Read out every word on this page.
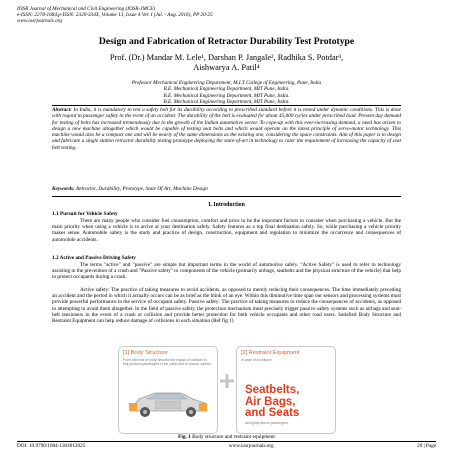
IOSR Journal of Mechanical and Civil Engineering (IOSR-JMCE)
e-ISSN: 2278-1684,p-ISSN: 2320-334X, Volume 13, Issue 4 Ver. I (Jul. - Aug. 2016), PP 20-25
www.iosrjournals.org
Design and Fabrication of Retractor Durability Test Prototype
Prof. (Dr.) Mandar M. Lele¹, Darshan P. Jangale², Radhika S. Potdar³,
Aishwarya A. Patil⁴
Professor Mechanical Engineering Department, M.I.T College of Engineering, Pune, India
B.E. Mechanical Engineering Department, MIT Pune, India.
B.E. Mechanical Engineering Department, MIT Pune, India.
B.E. Mechanical Engineering Department, MIT Pune, India.
Abstract: In India, it is mandatory to test a safety belt for its durability according to prescribed standard before it is tested under dynamic conditions. This is done with regard to passenger safety in the event of an accident. The durability of the belt is evaluated for about 45,000 cycles under prescribed load. Present day demand for testing of belts has increased tremendously due to the growth of the Indian automotive sector. To cope-up with this ever-increasing demand, a need has arisen to design a new machine altogether which would be capable of testing seat belts and which would operate on the latest principle of servo-motor technology. This machine would also be a compact one and will be nearly of the same dimensions as the existing one, considering the space constraints. Aim of this paper is to design and fabricate a single station retractor durability testing prototype deploying the state-of-art in technology to cater the requirement of increasing the capacity of seat belt testing.
Keywords: Retractor, Durability, Prototype, State Of Art, Machine Design
I. Introduction
1.1 Pursuit for Vehicle Safety
There are many people who consider fuel consumption, comfort and price to be the important factors to consider when purchasing a vehicle. But the main priority when using a vehicle is to arrive at your destination safely. Safety features as a top final destination safely. So, while purchasing a vehicle priority makes sense. Automobile safety is the study and practice of design, construction, equipment and regulation to minimize the occurrence and consequences of automobile accidents.
1.2 Active and Passive Driving Safety
The terms "active" and "passive" are simple but important terms in the world of automotive safety. "Active Safety" is used to refer to technology assisting in the prevention of a crash and "Passive safety" to components of the vehicle (primarily airbags, seatbelts and the physical structure of the vehicle) that help to protect occupants during a crash.
Active safety: The practice of taking measures to avoid accidents, as opposed to merely reducing their consequences. The time immediately preceding an accident and the period in which it actually occurs can be as brief as the blink of an eye. Within this diminutive time span our sensors and processing systems must provide powerful performance in the service of occupant safety. Passive safety: The practice of taking measures to reduce the consequences of accidents, as opposed to attempting to avoid them altogether. In the field of passive safety, the protection mechanism must precisely trigger passive safety systems such as airbags and seat-belt tensioners in the event of a crash or collision and provide better protection for both vehicle occupants and other road users. Satisfied Body Structure and Restraint Equipment can help reduce damage of collisions in each situation (Ref fig 1)
[1] Body Structure
Front and rear of body absorbs the impact of collision to help protect passengers in the cabin and to reduce injuries.
[2] Restraint Equipment
In case of a collision
Seatbelts,
Air Bags,
and Seats
will tightly secure passengers.
Fig. 1 Body structure and restraint equipment
DOI: 10.9790/1684-1304012025	www.iosrjournals.org	20 | Page
